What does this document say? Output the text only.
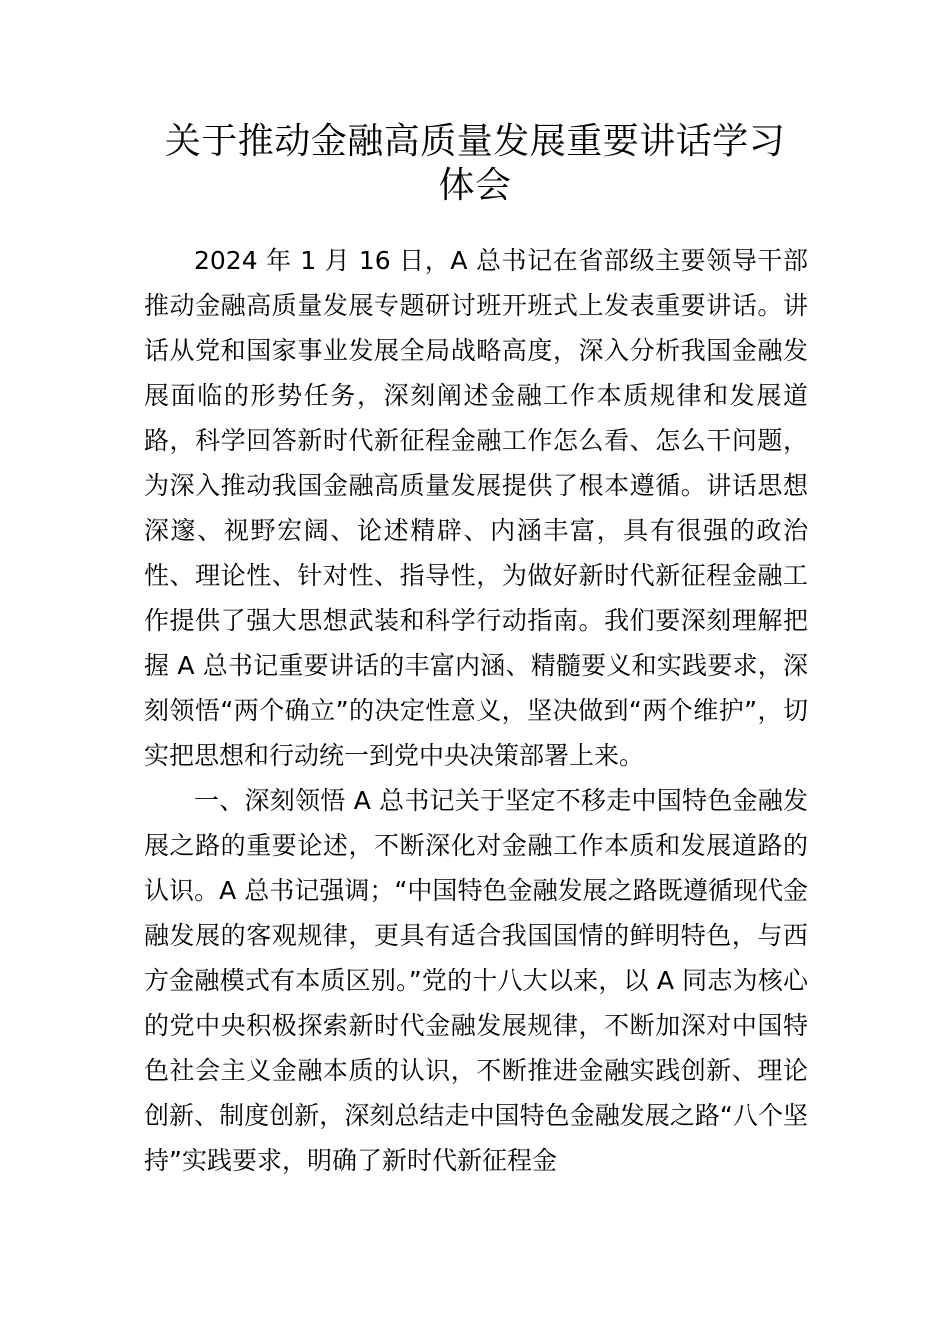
关于推动金融高质量发展重要讲话学习体会

2024 年 1 月 16 日，A 总书记在省部级主要领导干部推动金融高质量发展专题研讨班开班式上发表重要讲话。讲话从党和国家事业发展全局战略高度，深入分析我国金融发展面临的形势任务，深刻阐述金融工作本质规律和发展道路，科学回答新时代新征程金融工作怎么看、怎么干问题，为深入推动我国金融高质量发展提供了根本遵循。讲话思想深邃、视野宏阔、论述精辟、内涵丰富，具有很强的政治性、理论性、针对性、指导性，为做好新时代新征程金融工作提供了强大思想武装和科学行动指南。我们要深刻理解把握 A 总书记重要讲话的丰富内涵、精髓要义和实践要求，深刻领悟“两个确立”的决定性意义，坚决做到“两个维护”，切实把思想和行动统一到党中央决策部署上来。

一、深刻领悟 A 总书记关于坚定不移走中国特色金融发展之路的重要论述，不断深化对金融工作本质和发展道路的认识。A 总书记强调；“中国特色金融发展之路既遵循现代金融发展的客观规律，更具有适合我国国情的鲜明特色，与西方金融模式有本质区别。”党的十八大以来，以 A 同志为核心的党中央积极探索新时代金融发展规律，不断加深对中国特色社会主义金融本质的认识，不断推进金融实践创新、理论创新、制度创新，深刻总结走中国特色金融发展之路“八个坚持”实践要求，明确了新时代新征程金
